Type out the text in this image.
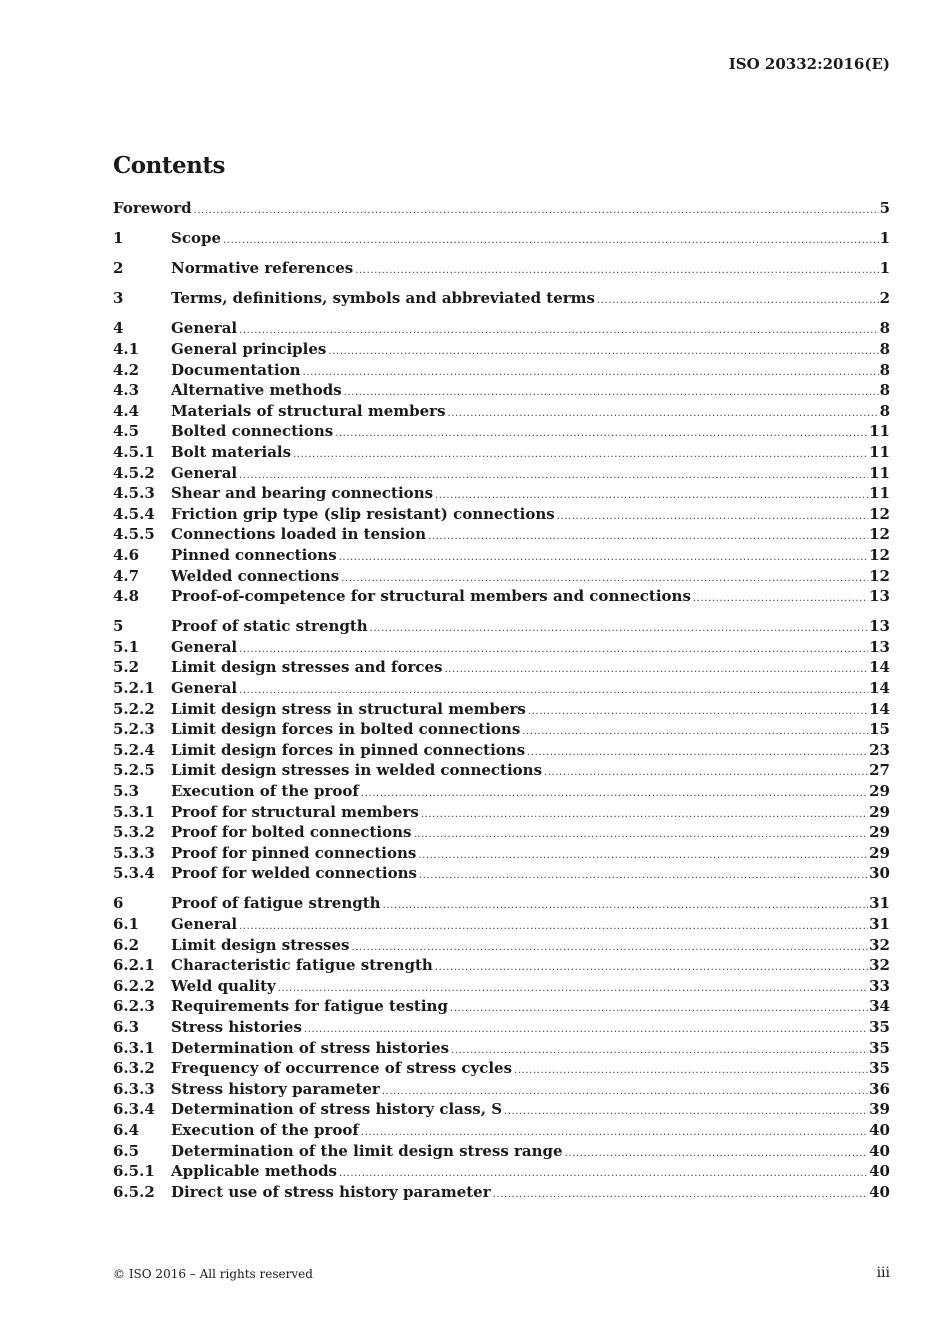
ISO 20332:2016(E)
Contents
Foreword .....	5
1	Scope .....	1
2	Normative references .....	1
3	Terms, definitions, symbols and abbreviated terms .....	2
4	General .....	8
4.1	General principles .....	8
4.2	Documentation .....	8
4.3	Alternative methods .....	8
4.4	Materials of structural members .....	8
4.5	Bolted connections .....	11
4.5.1	Bolt materials .....	11
4.5.2	General .....	11
4.5.3	Shear and bearing connections .....	11
4.5.4	Friction grip type (slip resistant) connections .....	12
4.5.5	Connections loaded in tension .....	12
4.6	Pinned connections .....	12
4.7	Welded connections .....	12
4.8	Proof-of-competence for structural members and connections .....	13
5	Proof of static strength .....	13
5.1	General .....	13
5.2	Limit design stresses and forces .....	14
5.2.1	General .....	14
5.2.2	Limit design stress in structural members .....	14
5.2.3	Limit design forces in bolted connections .....	15
5.2.4	Limit design forces in pinned connections .....	23
5.2.5	Limit design stresses in welded connections .....	27
5.3	Execution of the proof .....	29
5.3.1	Proof for structural members .....	29
5.3.2	Proof for bolted connections .....	29
5.3.3	Proof for pinned connections .....	29
5.3.4	Proof for welded connections .....	30
6	Proof of fatigue strength .....	31
6.1	General .....	31
6.2	Limit design stresses .....	32
6.2.1	Characteristic fatigue strength .....	32
6.2.2	Weld quality .....	33
6.2.3	Requirements for fatigue testing .....	34
6.3	Stress histories .....	35
6.3.1	Determination of stress histories .....	35
6.3.2	Frequency of occurrence of stress cycles .....	35
6.3.3	Stress history parameter .....	36
6.3.4	Determination of stress history class, S .....	39
6.4	Execution of the proof .....	40
6.5	Determination of the limit design stress range .....	40
6.5.1	Applicable methods .....	40
6.5.2	Direct use of stress history parameter .....	40
© ISO 2016 – All rights reserved	iii
